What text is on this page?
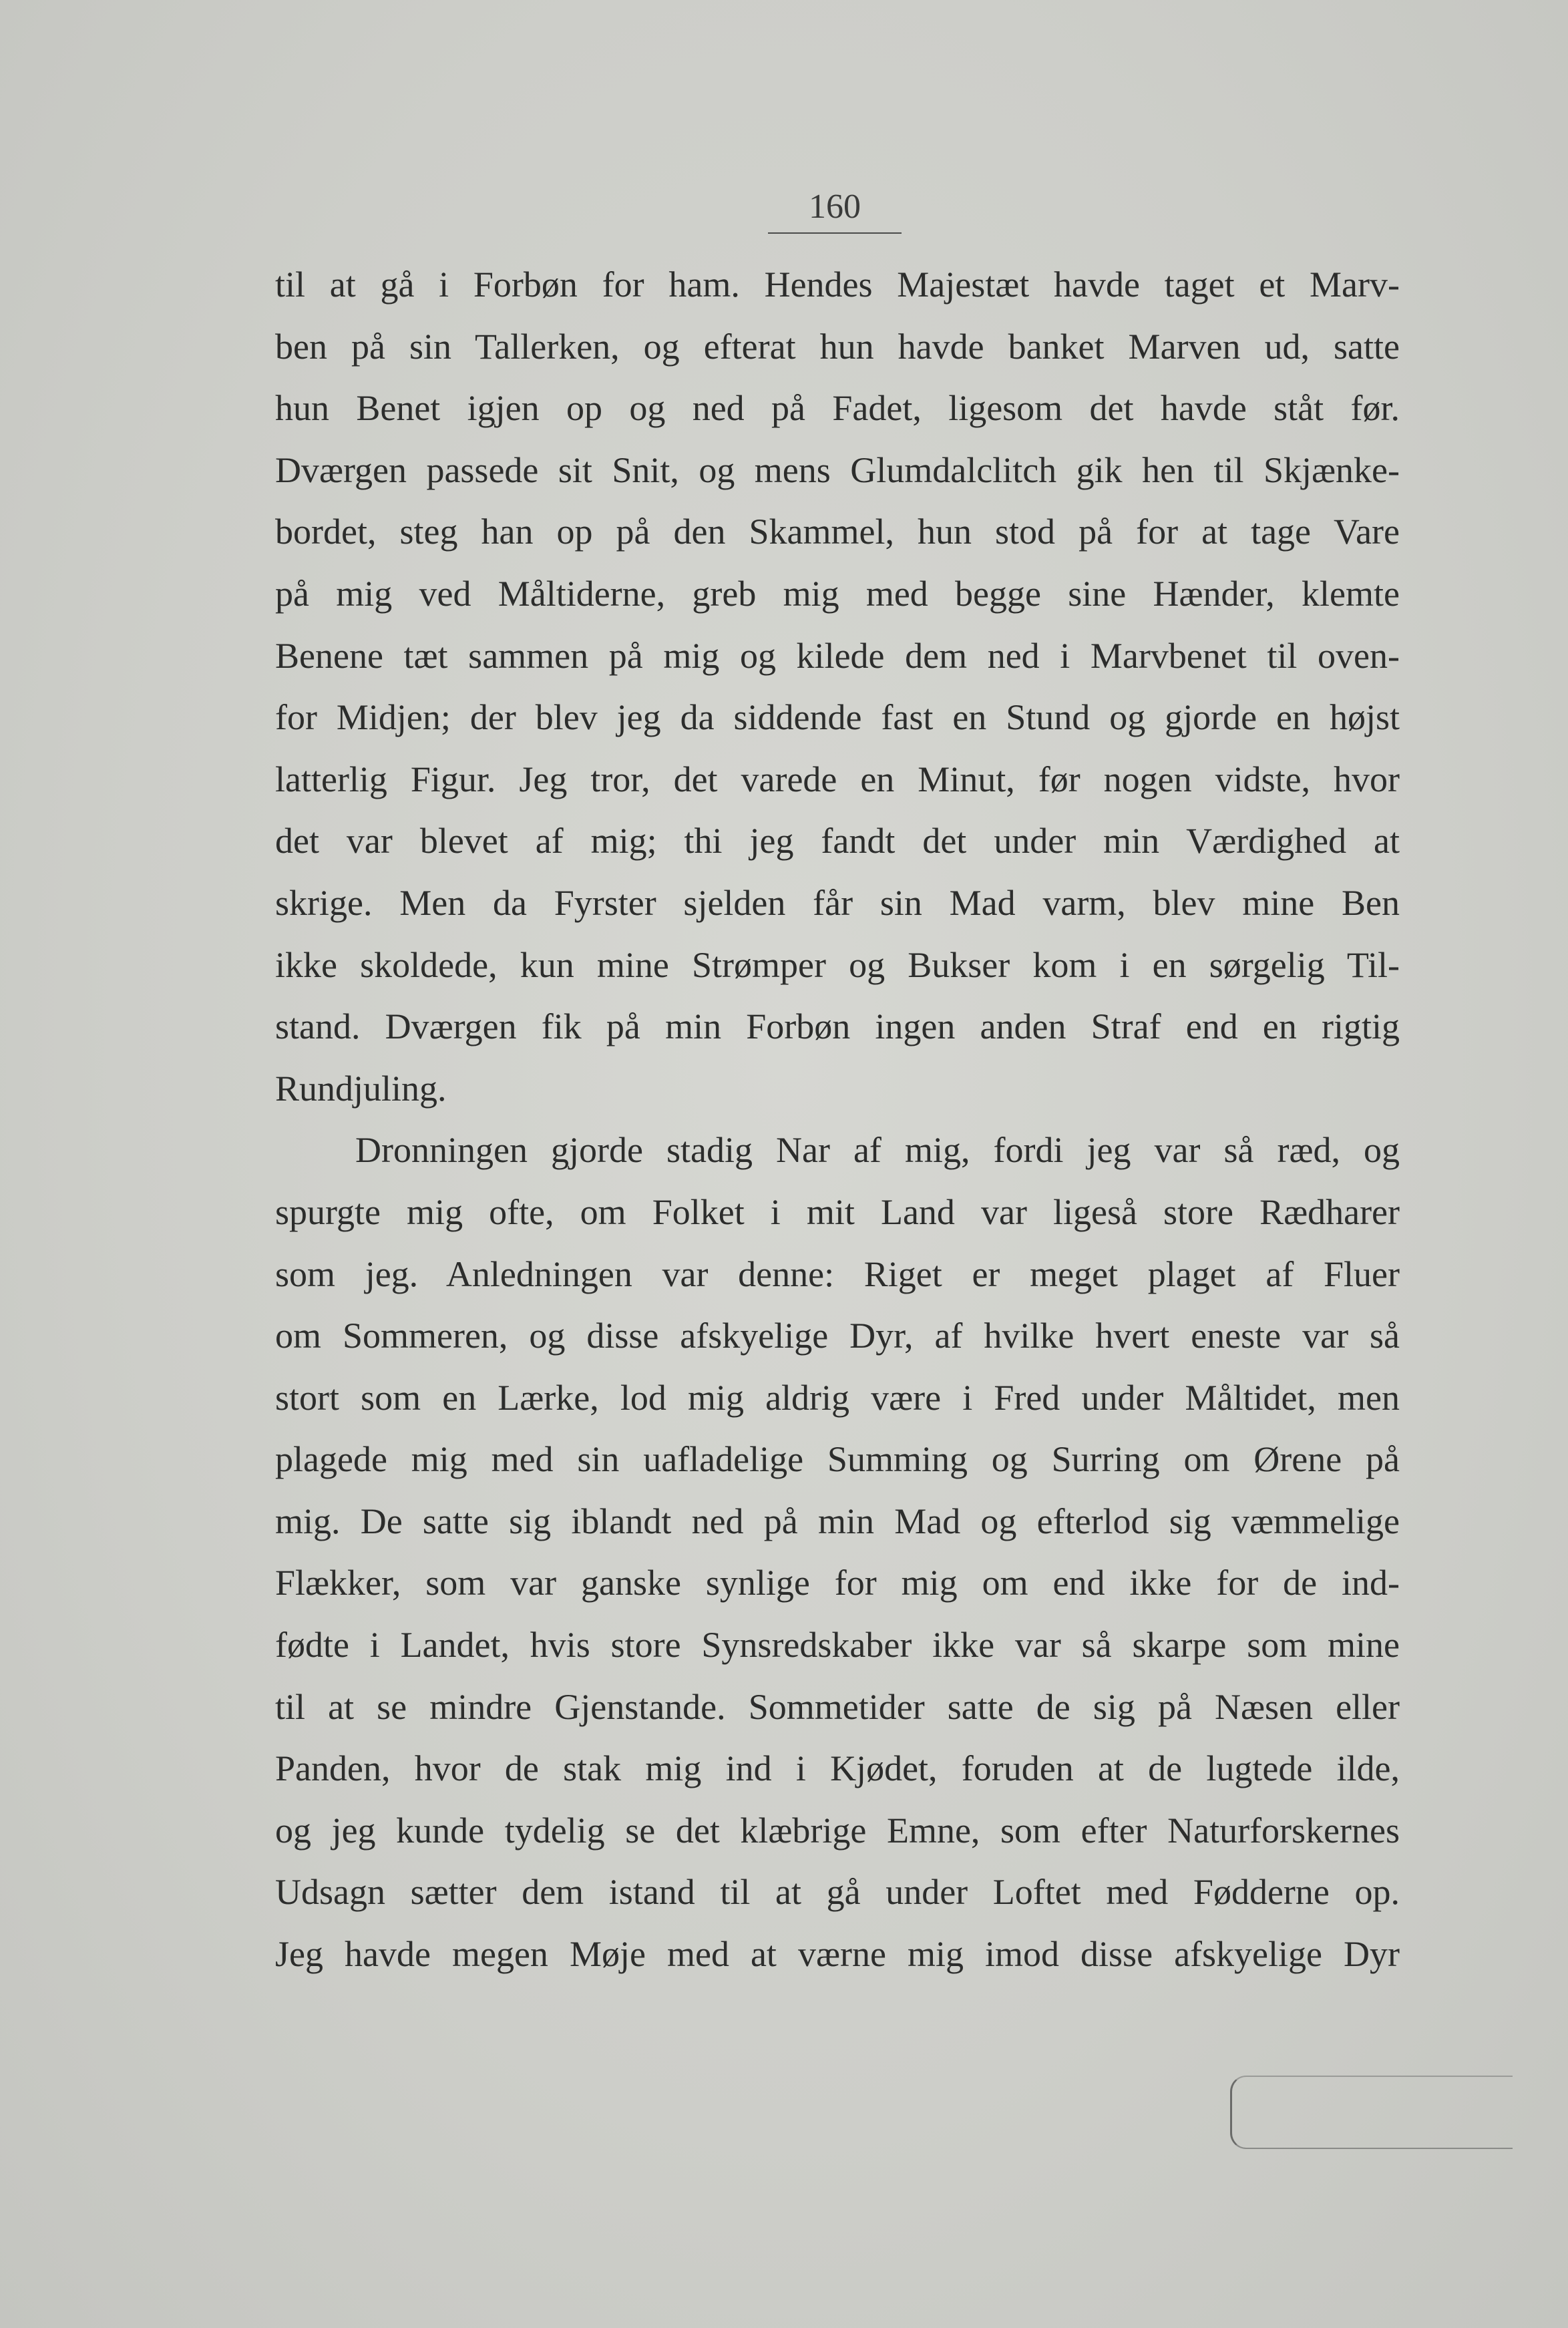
160
til at gå i Forbøn for ham. Hendes Majestæt havde taget et Marv-
ben på sin Tallerken, og efterat hun havde banket Marven ud, satte
hun Benet igjen op og ned på Fadet, ligesom det havde ståt før.
Dværgen passede sit Snit, og mens Glumdalclitch gik hen til Skjænke-
bordet, steg han op på den Skammel, hun stod på for at tage Vare
på mig ved Måltiderne, greb mig med begge sine Hænder, klemte
Benene tæt sammen på mig og kilede dem ned i Marvbenet til oven-
for Midjen; der blev jeg da siddende fast en Stund og gjorde en højst
latterlig Figur. Jeg tror, det varede en Minut, før nogen vidste, hvor
det var blevet af mig; thi jeg fandt det under min Værdighed at
skrige. Men da Fyrster sjelden får sin Mad varm, blev mine Ben
ikke skoldede, kun mine Strømper og Bukser kom i en sørgelig Til-
stand. Dværgen fik på min Forbøn ingen anden Straf end en rigtig
Rundjuling.
Dronningen gjorde stadig Nar af mig, fordi jeg var så ræd, og
spurgte mig ofte, om Folket i mit Land var ligeså store Rædharer
som jeg. Anledningen var denne: Riget er meget plaget af Fluer
om Sommeren, og disse afskyelige Dyr, af hvilke hvert eneste var så
stort som en Lærke, lod mig aldrig være i Fred under Måltidet, men
plagede mig med sin uafladelige Summing og Surring om Ørene på
mig. De satte sig iblandt ned på min Mad og efterlod sig væmmelige
Flækker, som var ganske synlige for mig om end ikke for de ind-
fødte i Landet, hvis store Synsredskaber ikke var så skarpe som mine
til at se mindre Gjenstande. Sommetider satte de sig på Næsen eller
Panden, hvor de stak mig ind i Kjødet, foruden at de lugtede ilde,
og jeg kunde tydelig se det klæbrige Emne, som efter Naturforskernes
Udsagn sætter dem istand til at gå under Loftet med Fødderne op.
Jeg havde megen Møje med at værne mig imod disse afskyelige Dyr
